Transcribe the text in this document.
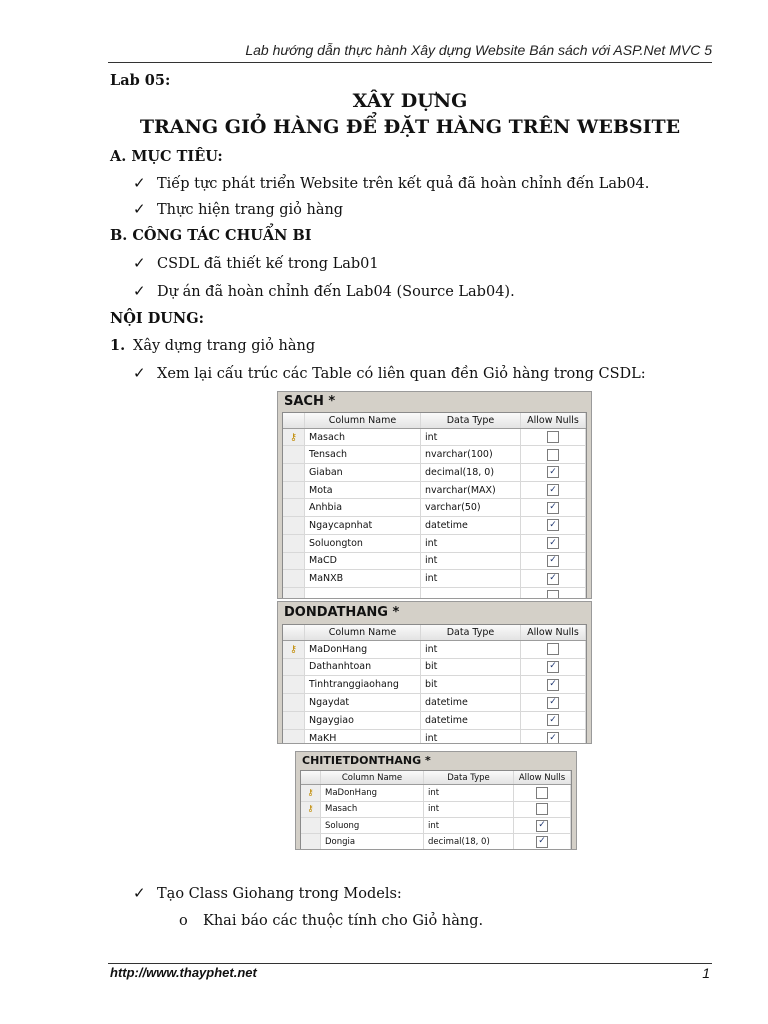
Lab hướng dẫn thực hành Xây dựng Website Bán sách với ASP.Net MVC 5
Lab 05:
XÂY DỰNG
TRANG GIỎ HÀNG ĐỂ ĐẶT HÀNG TRÊN WEBSITE
A. MỤC TIÊU:
✓ Tiếp tực phát triển Website trên kết quả đã hoàn chỉnh đến Lab04.
✓ Thực hiện trang giỏ hàng
B. CÔNG TÁC CHUẨN BI
✓ CSDL đã thiết kế trong Lab01
✓ Dự án đã hoàn chỉnh đến Lab04 (Source Lab04).
NỘI DUNG:
1. Xây dựng trang giỏ hàng
✓ Xem lại cấu trúc các Table có liên quan đền Giỏ hàng trong CSDL:
SACH *
Column Name	Data Type	Allow Nulls
⚷	Masach	int
Tensach	nvarchar(100)
Giaban	decimal(18, 0)	✓
Mota	nvarchar(MAX)	✓
Anhbia	varchar(50)	✓
Ngaycapnhat	datetime	✓
Soluongton	int	✓
MaCD	int	✓
MaNXB	int	✓
DONDATHANG *
Column Name	Data Type	Allow Nulls
⚷	MaDonHang	int
Dathanhtoan	bit	✓
Tinhtranggiaohang	bit	✓
Ngaydat	datetime	✓
Ngaygiao	datetime	✓
MaKH	int	✓
CHITIETDONTHANG *
Column Name	Data Type	Allow Nulls
⚷	MaDonHang	int
⚷	Masach	int
Soluong	int	✓
Dongia	decimal(18, 0)	✓
✓ Tạo Class Giohang trong Models:
o Khai báo các thuộc tính cho Giỏ hàng.
http://www.thayphet.net	1
